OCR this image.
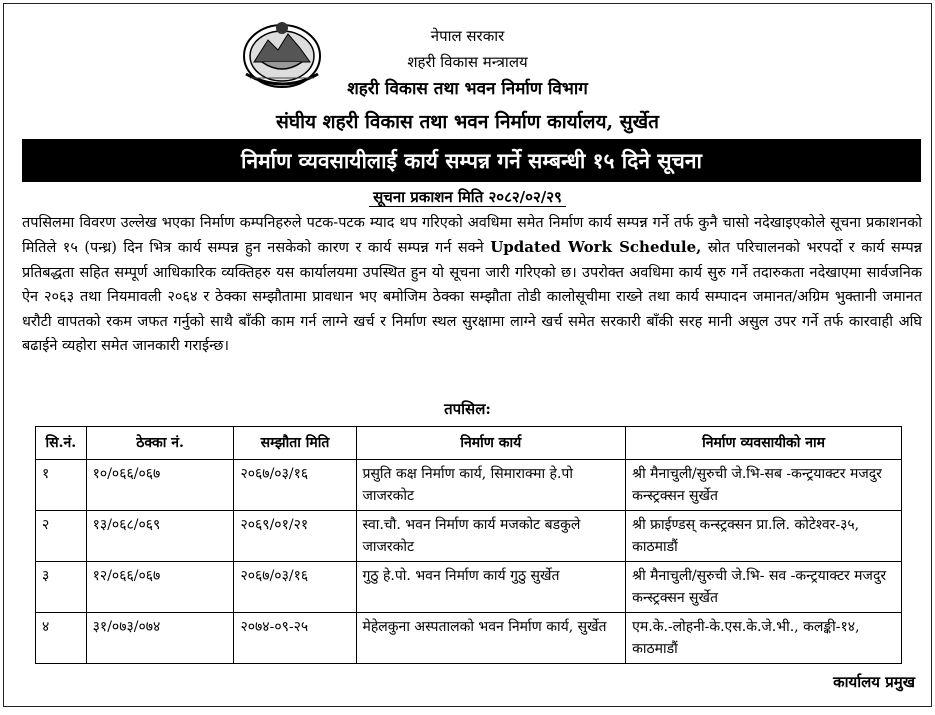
नेपाल सरकार
शहरी विकास मन्त्रालय
शहरी विकास तथा भवन निर्माण विभाग
संघीय शहरी विकास तथा भवन निर्माण कार्यालय, सुर्खेत
निर्माण व्यवसायीलाई कार्य सम्पन्न गर्ने सम्बन्धी १५ दिने सूचना
सूचना प्रकाशन मिति २०८२/०२/२९
तपसिलमा विवरण उल्लेख भएका निर्माण कम्पनिहरुले पटक-पटक म्याद थप गरिएको अवधिमा समेत निर्माण कार्य सम्पन्न गर्ने तर्फ कुनै चासो नदेखाइएकोले सूचना प्रकाशनको मितिले १५ (पन्ध्र) दिन भित्र कार्य सम्पन्न हुन नसकेको कारण र कार्य सम्पन्न गर्न सक्ने Updated Work Schedule, स्रोत परिचालनको भरपर्दो र कार्य सम्पन्न प्रतिबद्धता सहित सम्पूर्ण आधिकारिक व्यक्तिहरु यस कार्यालयमा उपस्थित हुन यो सूचना जारी गरिएको छ। उपरोक्त अवधिमा कार्य सुरु गर्ने तदारुकता नदेखाएमा सार्वजनिक ऐन २०६३ तथा नियमावली २०६४ र ठेक्का सम्झौतामा प्रावधान भए बमोजिम ठेक्का सम्झौता तोडी कालोसूचीमा राख्ने तथा कार्य सम्पादन जमानत/अग्रिम भुक्तानी जमानत धरौटी वापतको रकम जफत गर्नुको साथै बाँकी काम गर्न लाग्ने खर्च र निर्माण स्थल सुरक्षामा लाग्ने खर्च समेत सरकारी बाँकी सरह मानी असुल उपर गर्ने तर्फ कारवाही अघि बढाईने व्यहोरा समेत जानकारी गराईन्छ।
तपसिल:
सि.नं.	ठेक्का नं.	सम्झौता मिति	निर्माण कार्य	निर्माण व्यवसायीको नाम
१	१०/०६६/०६७	२०६७/०३/१६	प्रसुति कक्ष निर्माण कार्य, सिमाराक्मा हे.पो जाजरकोट	श्री मैनाचुली/सुरुची जे.भि-सब -कन्ट्रयाक्टर मजदुर कन्स्ट्रक्सन सुर्खेत
२	१३/०६८/०६९	२०६९/०१/२१	स्वा.चौ. भवन निर्माण कार्य मजकोट बडकुले जाजरकोट	श्री फ्राईण्डस् कन्स्ट्रक्सन प्रा.लि. कोटेश्वर-३५, काठमाडौं
३	१२/०६६/०६७	२०६७/०३/१६	गुठु हे.पो. भवन निर्माण कार्य गुठु सुर्खेत	श्री मैनाचुली/सुरुची जे.भि- सव -कन्ट्रयाक्टर मजदुर कन्स्ट्रक्सन सुर्खेत
४	३१/०७३/०७४	२०७४-०९-२५	मेहेलकुना अस्पतालको भवन निर्माण कार्य, सुर्खेत	एम.के.-लोहनी-के.एस.के.जे.भी., कलङ्की-१४, काठमाडौं
कार्यालय प्रमुख
